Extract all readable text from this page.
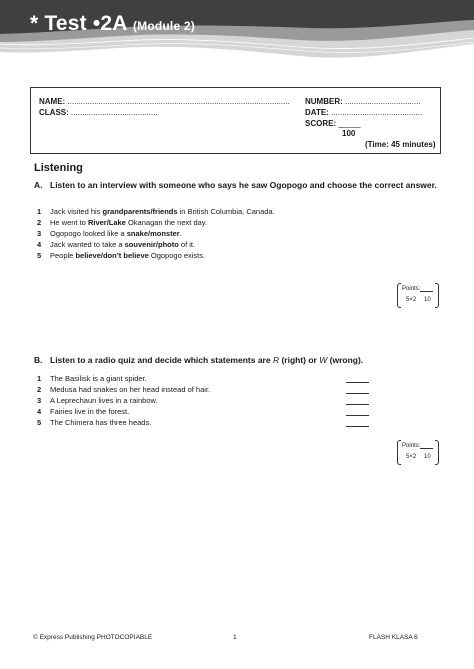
* Test •2A (Module 2)
NAME: ....................................................................................................
CLASS: .......................................
NUMBER: ..................................
DATE: .........................................
SCORE: _____
100
(Time: 45 minutes)
Listening
A. Listen to an interview with someone who says he saw Ogopogo and choose the correct answer.
1 Jack visited his grandparents/friends in British Columbia, Canada.
2 He went to River/Lake Okanagan the next day.
3 Ogopogo looked like a snake/monster.
4 Jack wanted to take a souvenir/photo of it.
5 People believe/don’t believe Ogopogo exists.
Points:
5×2 10
B. Listen to a radio quiz and decide which statements are R (right) or W (wrong).
1 The Basilisk is a giant spider.
2 Medusa had snakes on her head instead of hair.
3 A Leprechaun lives in a rainbow.
4 Fairies live in the forest.
5 The Chimera has three heads.
Points:
5×2 10
© Express Publishing PHOTOCOPIABLE	1	FLASH KLASA 6
